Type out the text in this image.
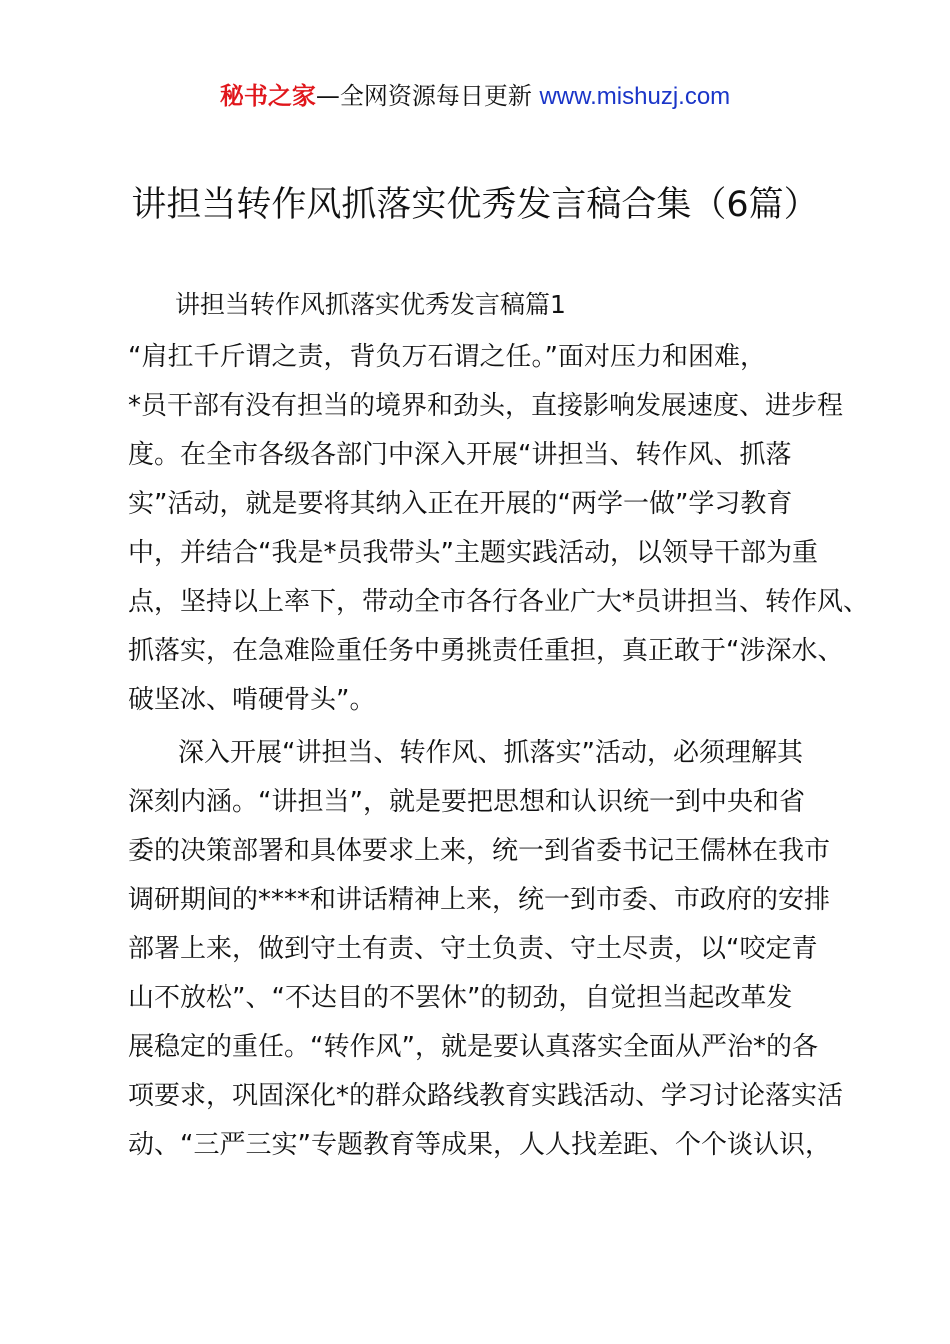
秘书之家—全网资源每日更新 www.mishuzj.com
讲担当转作风抓落实优秀发言稿合集（6篇）
讲担当转作风抓落实优秀发言稿篇1
“肩扛千斤谓之责，背负万石谓之任。”面对压力和困难，
*员干部有没有担当的境界和劲头，直接影响发展速度、进步程
度。在全市各级各部门中深入开展“讲担当、转作风、抓落
实”活动，就是要将其纳入正在开展的“两学一做”学习教育
中，并结合“我是*员我带头”主题实践活动，以领导干部为重
点，坚持以上率下，带动全市各行各业广大*员讲担当、转作风、
抓落实，在急难险重任务中勇挑责任重担，真正敢于“涉深水、
破坚冰、啃硬骨头”。
深入开展“讲担当、转作风、抓落实”活动，必须理解其
深刻内涵。“讲担当”，就是要把思想和认识统一到中央和省
委的决策部署和具体要求上来，统一到省委书记王儒林在我市
调研期间的****和讲话精神上来，统一到市委、市政府的安排
部署上来，做到守土有责、守土负责、守土尽责，以“咬定青
山不放松”、“不达目的不罢休”的韧劲，自觉担当起改革发
展稳定的重任。“转作风”，就是要认真落实全面从严治*的各
项要求，巩固深化*的群众路线教育实践活动、学习讨论落实活
动、“三严三实”专题教育等成果，人人找差距、个个谈认识，
